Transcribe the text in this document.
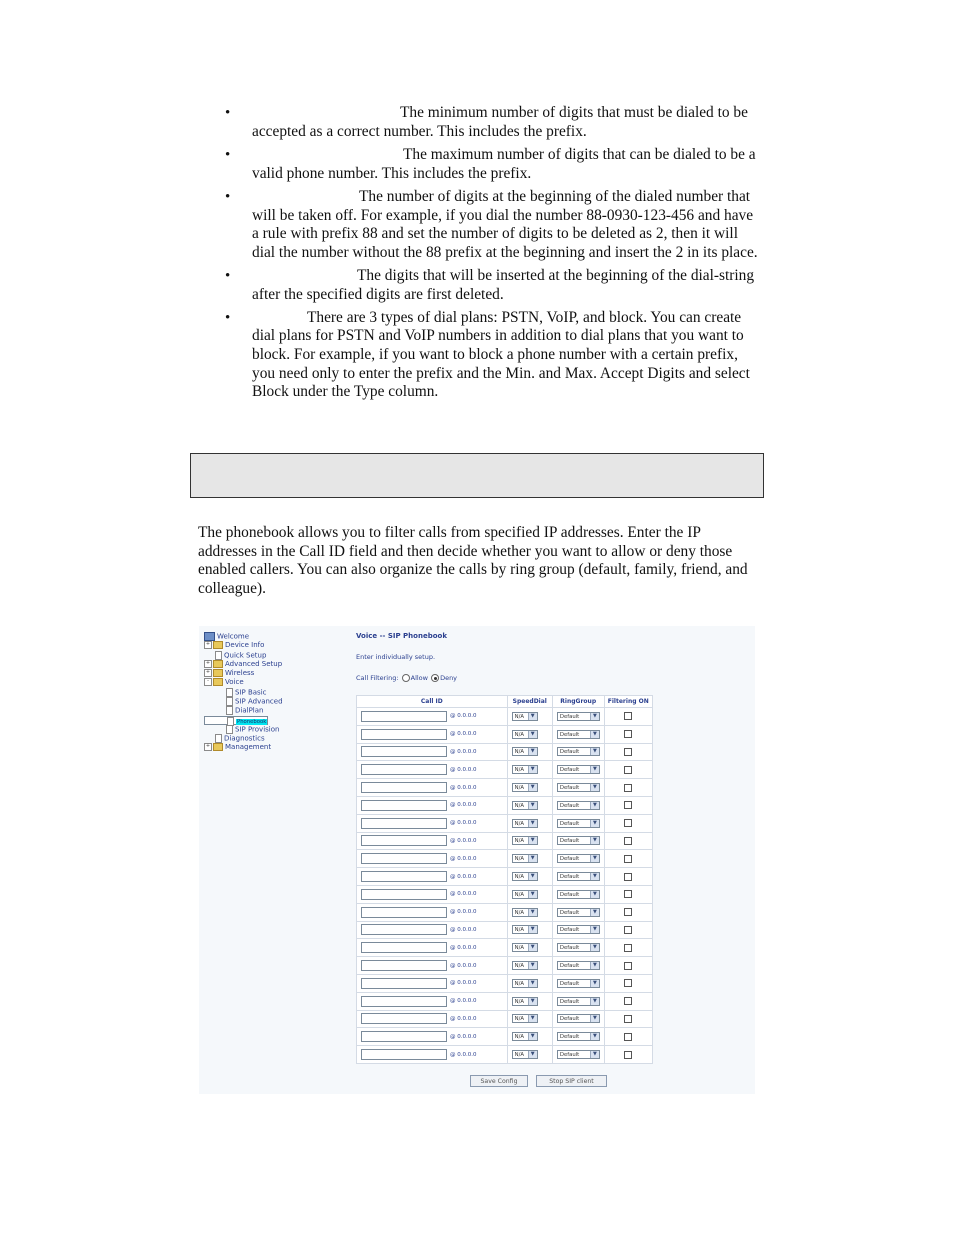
•	The minimum number of digits that must be dialed to be accepted as a correct number. This includes the prefix.
•	The maximum number of digits that can be dialed to be a valid phone number. This includes the prefix.
•	The number of digits at the beginning of the dialed number that will be taken off. For example, if you dial the number 88-0930-123-456 and have a rule with prefix 88 and set the number of digits to be deleted as 2, then it will dial the number without the 88 prefix at the beginning and insert the 2 in its place.
•	The digits that will be inserted at the beginning of the dial-string after the specified digits are first deleted.
•	There are 3 types of dial plans: PSTN, VoIP, and block. You can create dial plans for PSTN and VoIP numbers in addition to dial plans that you want to block. For example, if you want to block a phone number with a certain prefix, you need only to enter the prefix and the Min. and Max. Accept Digits and select Block under the Type column.

The phonebook allows you to filter calls from specified IP addresses. Enter the IP addresses in the Call ID field and then decide whether you want to allow or deny those enabled callers. You can also organize the calls by ring group (default, family, friend, and colleague).

Welcome
+ Device Info
Quick Setup
+ Advanced Setup
+ Wireless
- Voice
SIP Basic
SIP Advanced
DialPlan
Phonebook
SIP Provision
Diagnostics
+ Management
Voice -- SIP Phonebook
Enter individually setup.
Call Filtering: Allow Deny
Call ID	SpeedDial	RingGroup	Filtering ON
@ 0.0.0.0	N/A ▼	Default ▼	

@ 0.0.0.0	N/A ▼	Default ▼	

@ 0.0.0.0	N/A ▼	Default ▼	

@ 0.0.0.0	N/A ▼	Default ▼	

@ 0.0.0.0	N/A ▼	Default ▼	

@ 0.0.0.0	N/A ▼	Default ▼	

@ 0.0.0.0	N/A ▼	Default ▼	

@ 0.0.0.0	N/A ▼	Default ▼	

@ 0.0.0.0	N/A ▼	Default ▼	

@ 0.0.0.0	N/A ▼	Default ▼	

@ 0.0.0.0	N/A ▼	Default ▼	

@ 0.0.0.0	N/A ▼	Default ▼	

@ 0.0.0.0	N/A ▼	Default ▼	

@ 0.0.0.0	N/A ▼	Default ▼	

@ 0.0.0.0	N/A ▼	Default ▼	

@ 0.0.0.0	N/A ▼	Default ▼	

@ 0.0.0.0	N/A ▼	Default ▼	

@ 0.0.0.0	N/A ▼	Default ▼	

@ 0.0.0.0	N/A ▼	Default ▼	

@ 0.0.0.0	N/A ▼	Default ▼	

Save Config	Stop SIP client
